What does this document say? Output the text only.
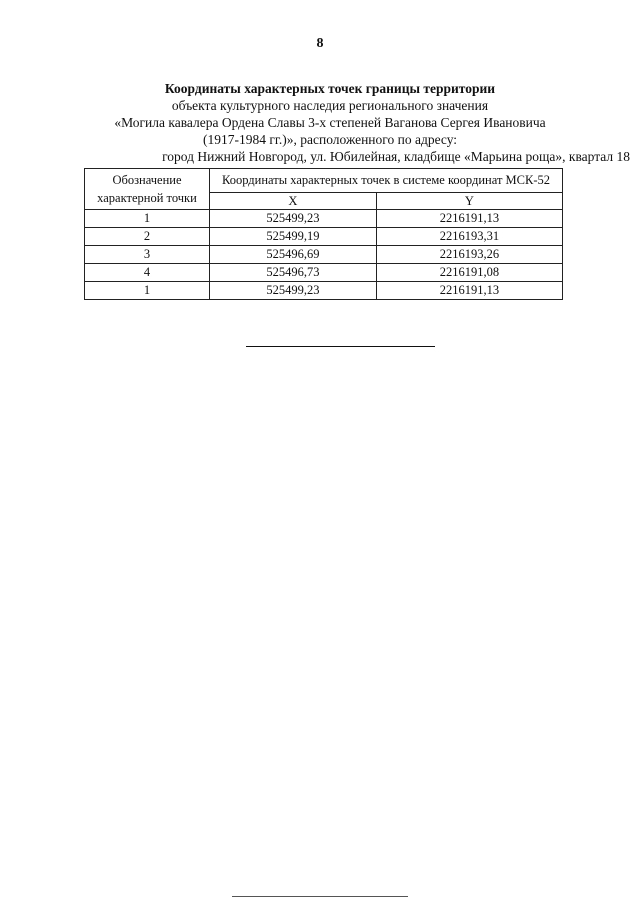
8
Координаты характерных точек границы территории
объекта культурного наследия регионального значения
«Могила кавалера Ордена Славы 3-х степеней Ваганова Сергея Ивановича
(1917-1984 гг.)», расположенного по адресу:
город Нижний Новгород, ул. Юбилейная, кладбище «Марьина роща», квартал 18
Обозначение характерной точки	Координаты характерных точек в системе координат МСК-52	
	X	Y
1	525499,23	2216191,13
2	525499,19	2216193,31
3	525496,69	2216193,26
4	525496,73	2216191,08
1	525499,23	2216191,13
